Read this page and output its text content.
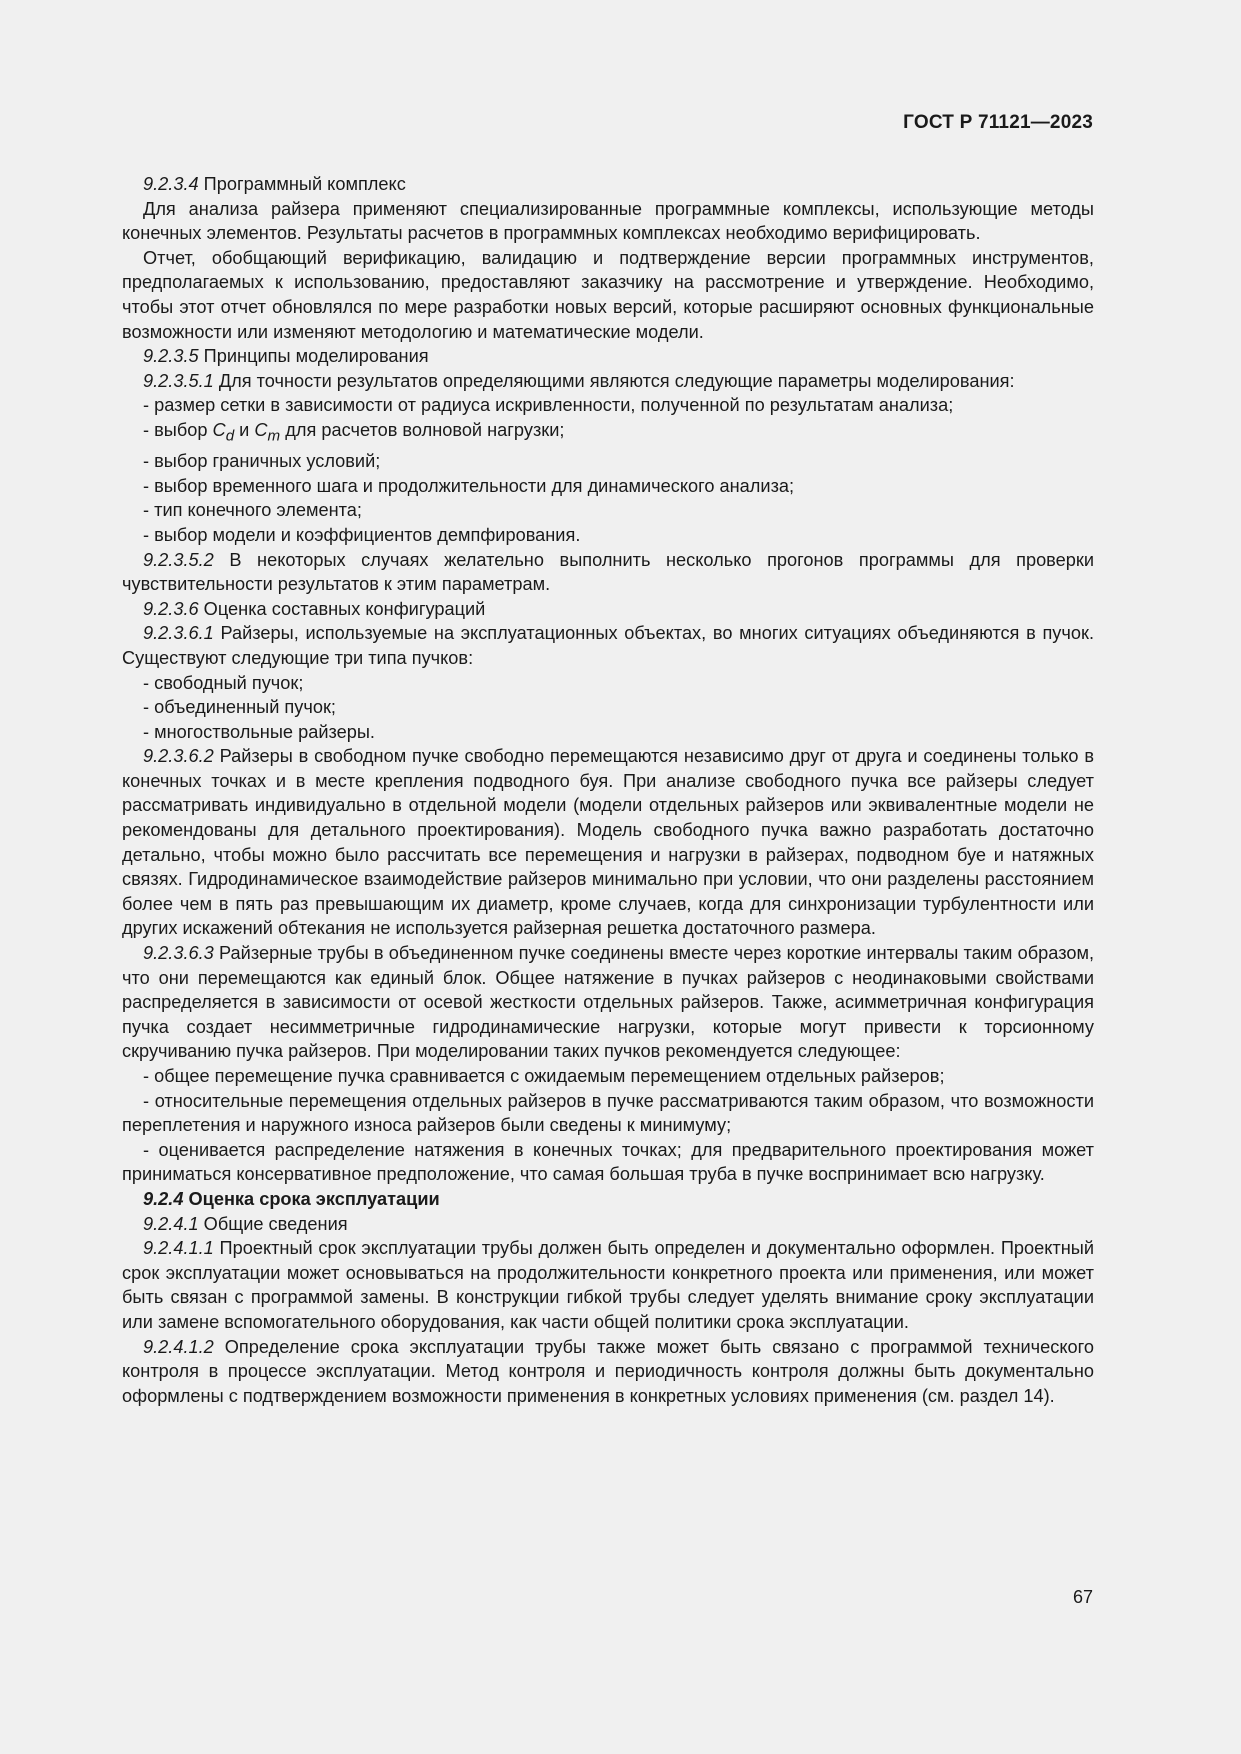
ГОСТ Р 71121—2023

9.2.3.4 Программный комплекс

Для анализа райзера применяют специализированные программные комплексы, использующие методы конечных элементов. Результаты расчетов в программных комплексах необходимо верифицировать.

Отчет, обобщающий верификацию, валидацию и подтверждение версии программных инструментов, предполагаемых к использованию, предоставляют заказчику на рассмотрение и утверждение. Необходимо, чтобы этот отчет обновлялся по мере разработки новых версий, которые расширяют основных функциональные возможности или изменяют методологию и математические модели.

9.2.3.5 Принципы моделирования

9.2.3.5.1 Для точности результатов определяющими являются следующие параметры моделирования:

- размер сетки в зависимости от радиуса искривленности, полученной по результатам анализа;

- выбор $C_d$ и $C_m$ для расчетов волновой нагрузки;

- выбор граничных условий;

- выбор временного шага и продолжительности для динамического анализа;

- тип конечного элемента;

- выбор модели и коэффициентов демпфирования.

9.2.3.5.2 В некоторых случаях желательно выполнить несколько прогонов программы для проверки чувствительности результатов к этим параметрам.

9.2.3.6 Оценка составных конфигураций

9.2.3.6.1 Райзеры, используемые на эксплуатационных объектах, во многих ситуациях объединяются в пучок. Существуют следующие три типа пучков:

- свободный пучок;

- объединенный пучок;

- многоствольные райзеры.

9.2.3.6.2 Райзеры в свободном пучке свободно перемещаются независимо друг от друга и соединены только в конечных точках и в месте крепления подводного буя. При анализе свободного пучка все райзеры следует рассматривать индивидуально в отдельной модели (модели отдельных райзеров или эквивалентные модели не рекомендованы для детального проектирования). Модель свободного пучка важно разработать достаточно детально, чтобы можно было рассчитать все перемещения и нагрузки в райзерах, подводном буе и натяжных связях. Гидродинамическое взаимодействие райзеров минимально при условии, что они разделены расстоянием более чем в пять раз превышающим их диаметр, кроме случаев, когда для синхронизации турбулентности или других искажений обтекания не используется райзерная решетка достаточного размера.

9.2.3.6.3 Райзерные трубы в объединенном пучке соединены вместе через короткие интервалы таким образом, что они перемещаются как единый блок. Общее натяжение в пучках райзеров с неодинаковыми свойствами распределяется в зависимости от осевой жесткости отдельных райзеров. Также, асимметричная конфигурация пучка создает несимметричные гидродинамические нагрузки, которые могут привести к торсионному скручиванию пучка райзеров. При моделировании таких пучков рекомендуется следующее:

- общее перемещение пучка сравнивается с ожидаемым перемещением отдельных райзеров;

- относительные перемещения отдельных райзеров в пучке рассматриваются таким образом, что возможности переплетения и наружного износа райзеров были сведены к минимуму;

- оценивается распределение натяжения в конечных точках; для предварительного проектирования может приниматься консервативное предположение, что самая большая труба в пучке воспринимает всю нагрузку.

9.2.4 Оценка срока эксплуатации

9.2.4.1 Общие сведения

9.2.4.1.1 Проектный срок эксплуатации трубы должен быть определен и документально оформлен. Проектный срок эксплуатации может основываться на продолжительности конкретного проекта или применения, или может быть связан с программой замены. В конструкции гибкой трубы следует уделять внимание сроку эксплуатации или замене вспомогательного оборудования, как части общей политики срока эксплуатации.

9.2.4.1.2 Определение срока эксплуатации трубы также может быть связано с программой технического контроля в процессе эксплуатации. Метод контроля и периодичность контроля должны быть документально оформлены с подтверждением возможности применения в конкретных условиях применения (см. раздел 14).

67
